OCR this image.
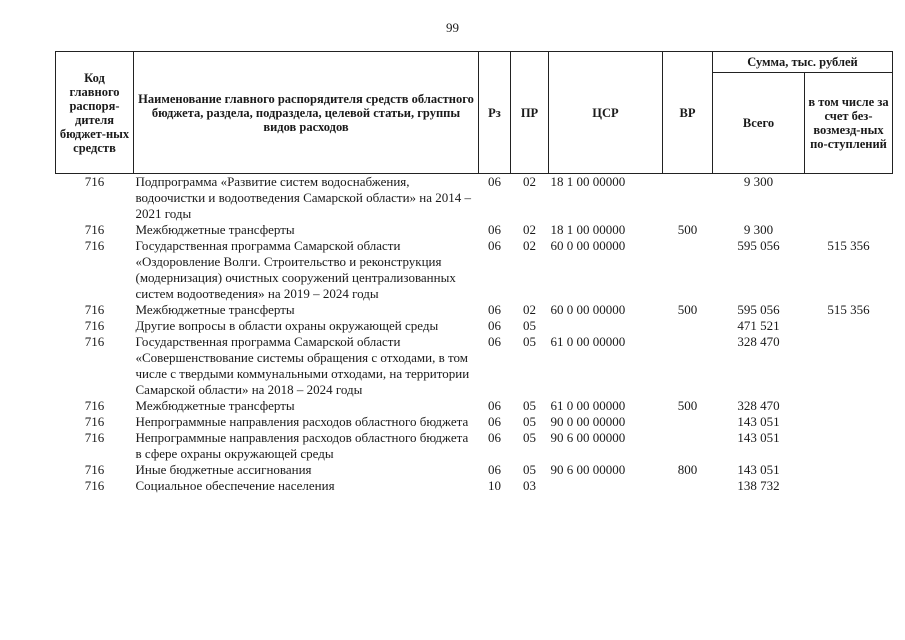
99
Код главного распоря-дителя бюджет-ных средств	Наименование главного распорядителя средств областного бюджета, раздела, подраздела, целевой статьи, группы видов расходов	Рз	ПР	ЦСР	ВР	Сумма, тыс. рублей	
						Всего	в том числе за счет без-возмезд-ных по-ступлений
716	Подпрограмма «Развитие систем водоснабжения, водоочистки и водоотведения Самарской области» на 2014 – 2021 годы	06	02	18 1 00 00000		9 300	
716	Межбюджетные трансферты	06	02	18 1 00 00000	500	9 300	
716	Государственная программа Самарской области «Оздоровление Волги. Строительство и реконструкция (модернизация) очистных сооружений централизованных систем водоотведения» на 2019 – 2024 годы	06	02	60 0 00 00000		595 056	515 356
716	Межбюджетные трансферты	06	02	60 0 00 00000	500	595 056	515 356
716	Другие вопросы в области охраны окружающей среды	06	05			471 521	
716	Государственная программа Самарской области «Совершенствование системы обращения с отходами, в том числе с твердыми коммунальными отходами, на территории Самарской области» на 2018 – 2024 годы	06	05	61 0 00 00000		328 470	
716	Межбюджетные трансферты	06	05	61 0 00 00000	500	328 470	
716	Непрограммные направления расходов областного бюджета	06	05	90 0 00 00000		143 051	
716	Непрограммные направления расходов областного бюджета в сфере охраны окружающей среды	06	05	90 6 00 00000		143 051	
716	Иные бюджетные ассигнования	06	05	90 6 00 00000	800	143 051	
716	Социальное обеспечение населения	10	03			138 732	
